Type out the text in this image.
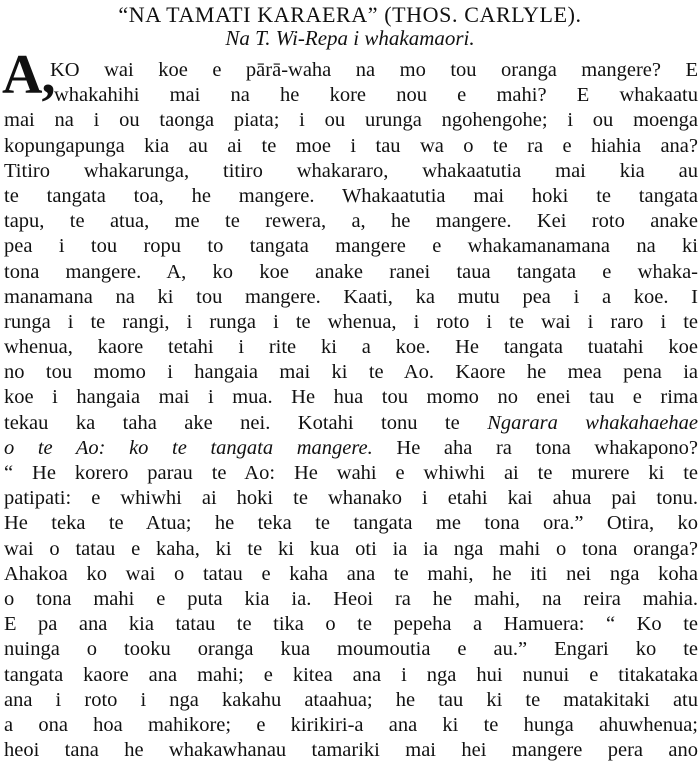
“NA TAMATI KARAERA” (THOS. CARLYLE).
Na T. Wi-Repa i whakamaori.
A,
KO wai koe e pārā-waha na mo tou oranga mangere? E
whakahihi mai na he kore nou e mahi? E whakaatu
mai na i ou taonga piata; i ou urunga ngohengohe; i ou moenga
kopungapunga kia au ai te moe i tau wa o te ra e hiahia ana?
Titiro whakarunga, titiro whakararo, whakaatutia mai kia au
te tangata toa, he mangere. Whakaatutia mai hoki te tangata
tapu, te atua, me te rewera, a, he mangere. Kei roto anake
pea i tou ropu to tangata mangere e whakamanamana na ki
tona mangere. A, ko koe anake ranei taua tangata e whaka-
manamana na ki tou mangere. Kaati, ka mutu pea i a koe. I
runga i te rangi, i runga i te whenua, i roto i te wai i raro i te
whenua, kaore tetahi i rite ki a koe. He tangata tuatahi koe
no tou momo i hangaia mai ki te Ao. Kaore he mea pena ia
koe i hangaia mai i mua. He hua tou momo no enei tau e rima
tekau ka taha ake nei. Kotahi tonu te Ngarara whakahaehae
o te Ao: ko te tangata mangere. He aha ra tona whakapono?
“ He korero parau te Ao: He wahi e whiwhi ai te murere ki te
patipati: e whiwhi ai hoki te whanako i etahi kai ahua pai tonu.
He teka te Atua; he teka te tangata me tona ora.” Otira, ko
wai o tatau e kaha, ki te ki kua oti ia ia nga mahi o tona oranga?
Ahakoa ko wai o tatau e kaha ana te mahi, he iti nei nga koha
o tona mahi e puta kia ia. Heoi ra he mahi, na reira mahia.
E pa ana kia tatau te tika o te pepeha a Hamuera: “ Ko te
nuinga o tooku oranga kua moumoutia e au.” Engari ko te
tangata kaore ana mahi; e kitea ana i nga hui nunui e titakataka
ana i roto i nga kakahu ataahua; he tau ki te matakitaki atu
a ona hoa mahikore; e kirikiri-a ana ki te hunga ahuwhenua;
heoi tana he whakawhanau tamariki mai hei mangere pera ano
